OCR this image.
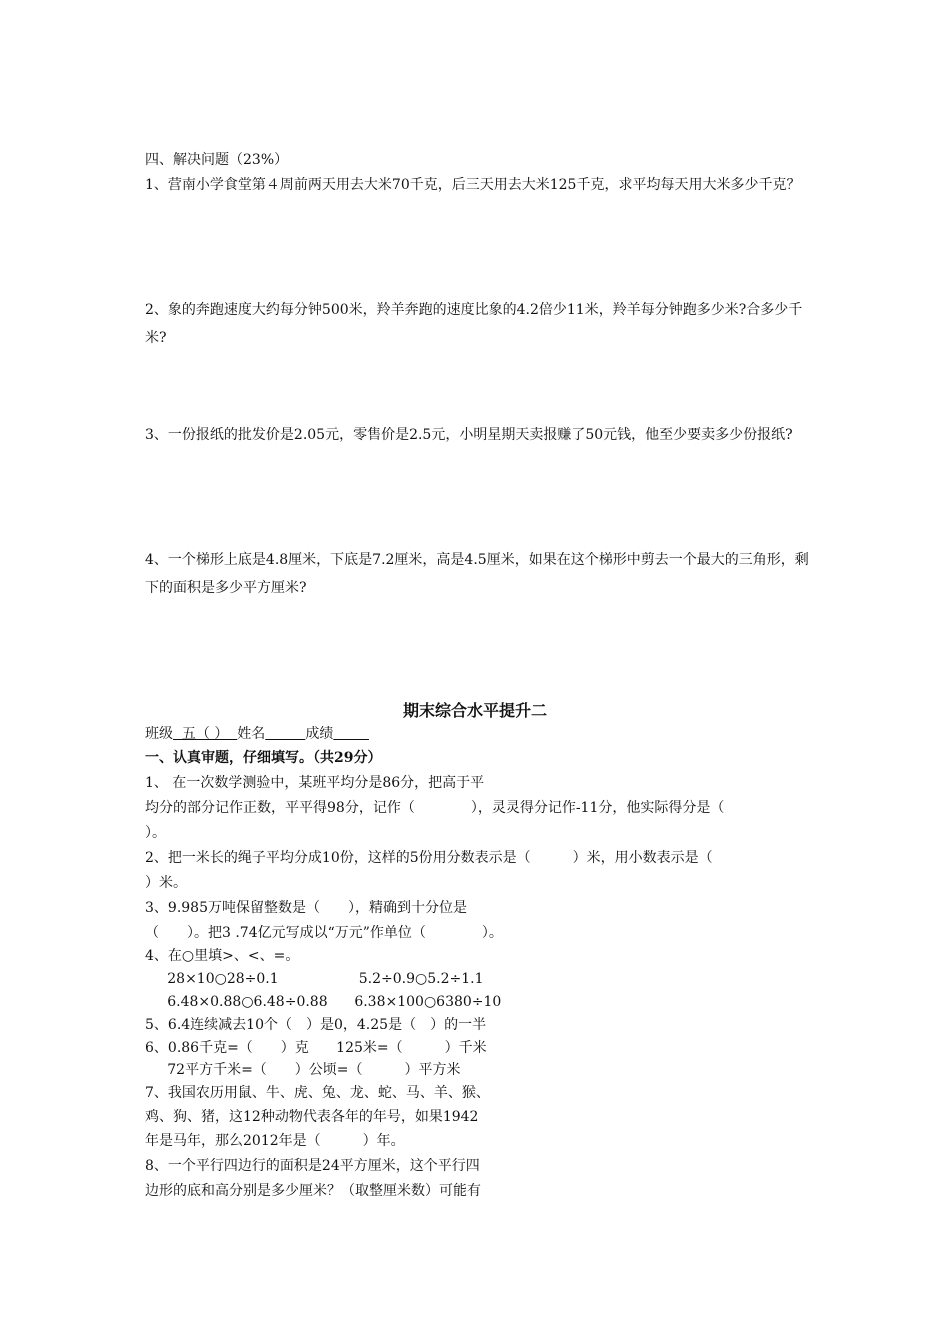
四、解决问题（23%）
1、营南小学食堂第４周前两天用去大米70千克，后三天用去大米125千克，求平均每天用大米多少千克？
2、象的奔跑速度大约每分钟500米，羚羊奔跑的速度比象的4.2倍少11米，羚羊每分钟跑多少米?合多少千米?
3、一份报纸的批发价是2.05元，零售价是2.5元，小明星期天卖报赚了50元钱，他至少要卖多少份报纸?
4、一个梯形上底是4.8厘米，下底是7.2厘米，高是4.5厘米，如果在这个梯形中剪去一个最大的三角形，剩下的面积是多少平方厘米?
期末综合水平提升二
班级  五（ ）  姓名	成绩
一、认真审题，仔细填写。（共29分）
1、 在一次数学测验中，某班平均分是86分，把高于平
均分的部分记作正数，平平得98分，记作（　　　　），灵灵得分记作-11分，他实际得分是（
）。
2、把一米长的绳子平均分成10份，这样的5份用分数表示是（　　　）米，用小数表示是（
）米。
3、9.985万吨保留整数是（　　），精确到十分位是
（　　）。把3 .74亿元写成以“万元”作单位（　　　　）。
4、在○里填>、<、=。
28×10○28÷0.1                  5.2÷0.9○5.2÷1.1
6.48×0.88○6.48÷0.88      6.38×100○6380÷10
5、6.4连续减去10个（　）是0，4.25是（　）的一半
6、0.86千克=（　　）克　   125米=（　　　）千米
72平方千米=（　　）公顷=（　　　）平方米
7、我国农历用鼠、牛、虎、兔、龙、蛇、马、羊、猴、
鸡、狗、猪，这12种动物代表各年的年号，如果1942
年是马年，那么2012年是（　　　）年。
8、一个平行四边行的面积是24平方厘米，这个平行四
边形的底和高分别是多少厘米？（取整厘米数）可能有
